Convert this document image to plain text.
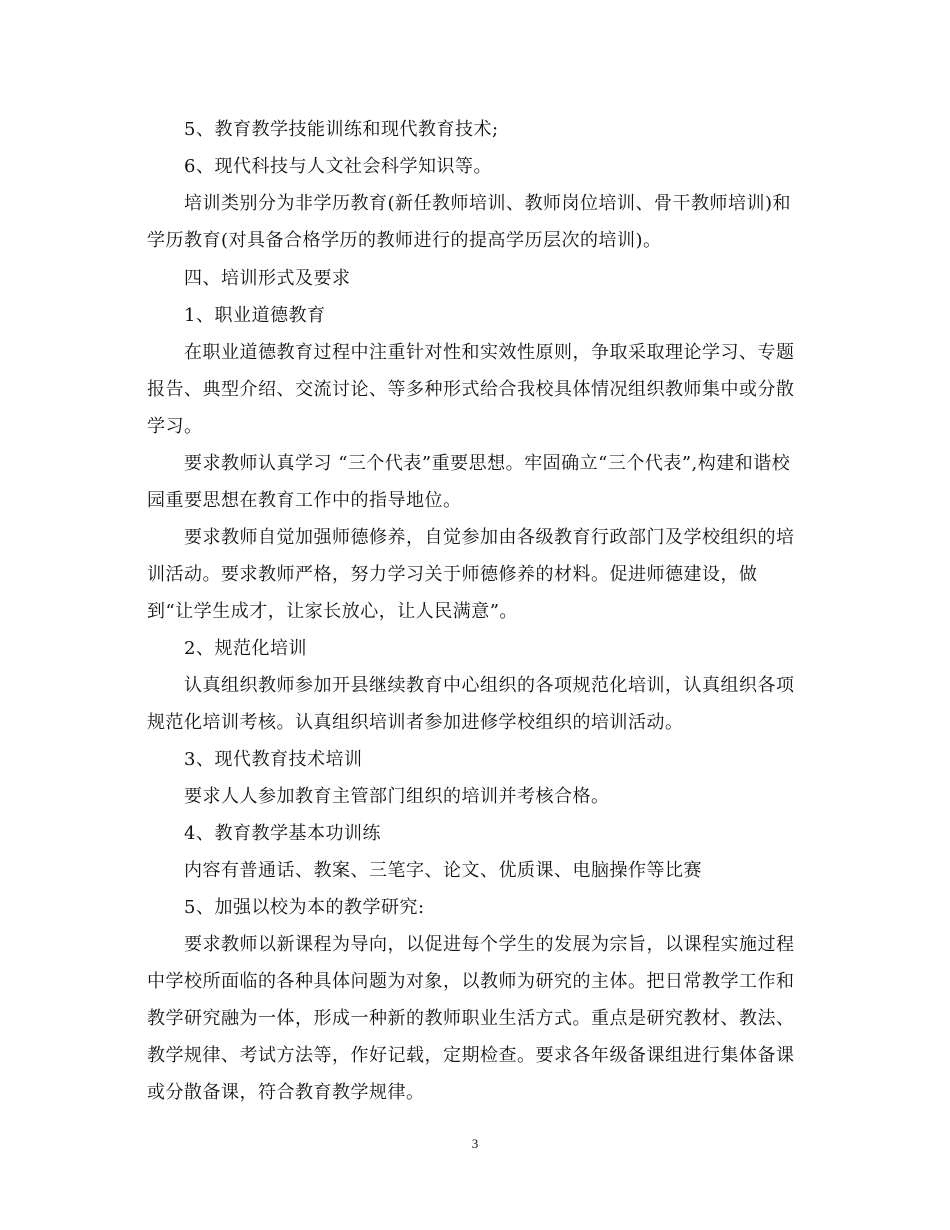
5、教育教学技能训练和现代教育技术;
6、现代科技与人文社会科学知识等。
培训类别分为非学历教育(新任教师培训、教师岗位培训、骨干教师培训)和
学历教育(对具备合格学历的教师进行的提高学历层次的培训)。
四、培训形式及要求
1、职业道德教育
在职业道德教育过程中注重针对性和实效性原则，争取采取理论学习、专题
报告、典型介绍、交流讨论、等多种形式给合我校具体情况组织教师集中或分散
学习。
要求教师认真学习 “三个代表”重要思想。牢固确立“三个代表”,构建和谐校
园重要思想在教育工作中的指导地位。
要求教师自觉加强师德修养，自觉参加由各级教育行政部门及学校组织的培
训活动。要求教师严格，努力学习关于师德修养的材料。促进师德建设，做
到“让学生成才，让家长放心，让人民满意”。
2、规范化培训
认真组织教师参加开县继续教育中心组织的各项规范化培训，认真组织各项
规范化培训考核。认真组织培训者参加进修学校组织的培训活动。
3、现代教育技术培训
要求人人参加教育主管部门组织的培训并考核合格。
4、教育教学基本功训练
内容有普通话、教案、三笔字、论文、优质课、电脑操作等比赛
5、加强以校为本的教学研究:
要求教师以新课程为导向，以促进每个学生的发展为宗旨，以课程实施过程
中学校所面临的各种具体问题为对象，以教师为研究的主体。把日常教学工作和
教学研究融为一体，形成一种新的教师职业生活方式。重点是研究教材、教法、
教学规律、考试方法等，作好记载，定期检查。要求各年级备课组进行集体备课
或分散备课，符合教育教学规律。
3
